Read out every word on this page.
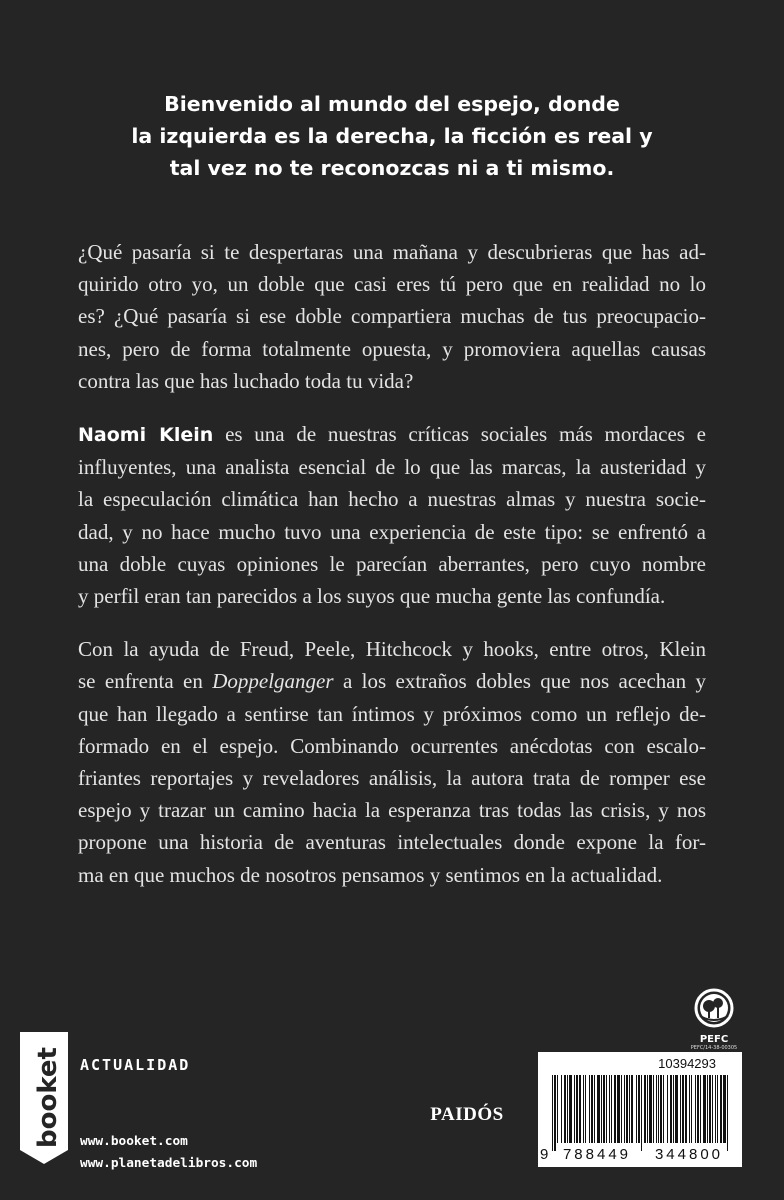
Bienvenido al mundo del espejo, donde
la izquierda es la derecha, la ficción es real y
tal vez no te reconozcas ni a ti mismo.

¿Qué pasaría si te despertaras una mañana y descubrieras que has ad-
quirido otro yo, un doble que casi eres tú pero que en realidad no lo
es? ¿Qué pasaría si ese doble compartiera muchas de tus preocupacio-
nes, pero de forma totalmente opuesta, y promoviera aquellas causas
contra las que has luchado toda tu vida?

Naomi Klein es una de nuestras críticas sociales más mordaces e
influyentes, una analista esencial de lo que las marcas, la austeridad y
la especulación climática han hecho a nuestras almas y nuestra socie-
dad, y no hace mucho tuvo una experiencia de este tipo: se enfrentó a
una doble cuyas opiniones le parecían aberrantes, pero cuyo nombre
y perfil eran tan parecidos a los suyos que mucha gente las confundía.

Con la ayuda de Freud, Peele, Hitchcock y hooks, entre otros, Klein
se enfrenta en Doppelganger a los extraños dobles que nos acechan y
que han llegado a sentirse tan íntimos y próximos como un reflejo de-
formado en el espejo. Combinando ocurrentes anécdotas con escalo-
friantes reportajes y reveladores análisis, la autora trata de romper ese
espejo y trazar un camino hacia la esperanza tras todas las crisis, y nos
propone una historia de aventuras intelectuales donde expone la for-
ma en que muchos de nosotros pensamos y sentimos en la actualidad.

PEFC
PEFC/14-38-00305
booket ACTUALIDAD

www.booket.com
www.planetadelibros.com
PAIDÓS
10394293
9 788449 344800
